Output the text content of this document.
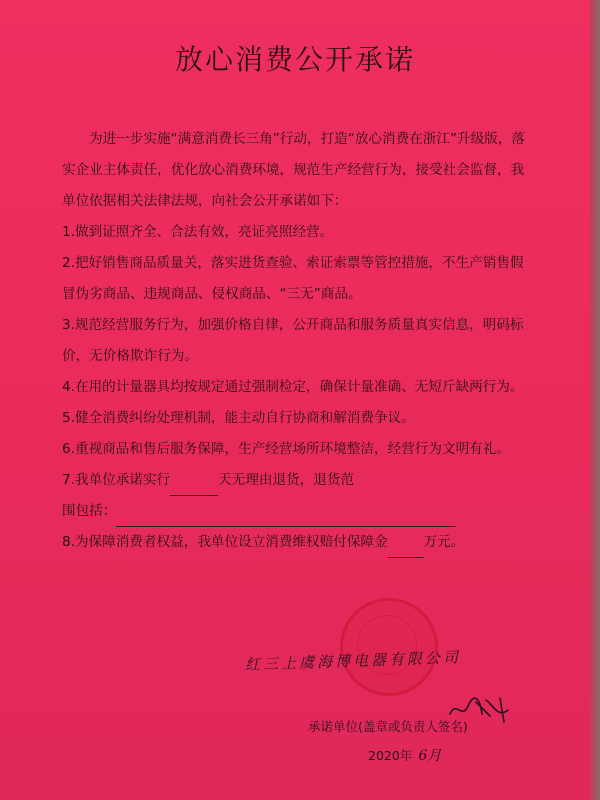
放心消费公开承诺

为进一步实施“满意消费长三角”行动，打造“放心消费在浙江”升级版，落实企业主体责任，优化放心消费环境，规范生产经营行为，接受社会监督，我单位依据相关法律法规，向社会公开承诺如下：

1.做到证照齐全、合法有效，亮证亮照经营。

2.把好销售商品质量关，落实进货查验、索证索票等管控措施，不生产销售假冒伪劣商品、违规商品、侵权商品、“三无”商品。

3.规范经营服务行为，加强价格自律，公开商品和服务质量真实信息，明码标价，无价格欺诈行为。

4.在用的计量器具均按规定通过强制检定，确保计量准确、无短斤缺两行为。

5.健全消费纠纷处理机制，能主动自行协商和解消费争议。

6.重视商品和售后服务保障，生产经营场所环境整洁，经营行为文明有礼。

7.我单位承诺实行	天无理由退货，退货范
围包括：

8.为保障消费者权益，我单位设立消费维权赔付保障金	万元。

红三上虞海博电器有限公司
承诺单位(盖章或负责人签名)
2020年 6月
